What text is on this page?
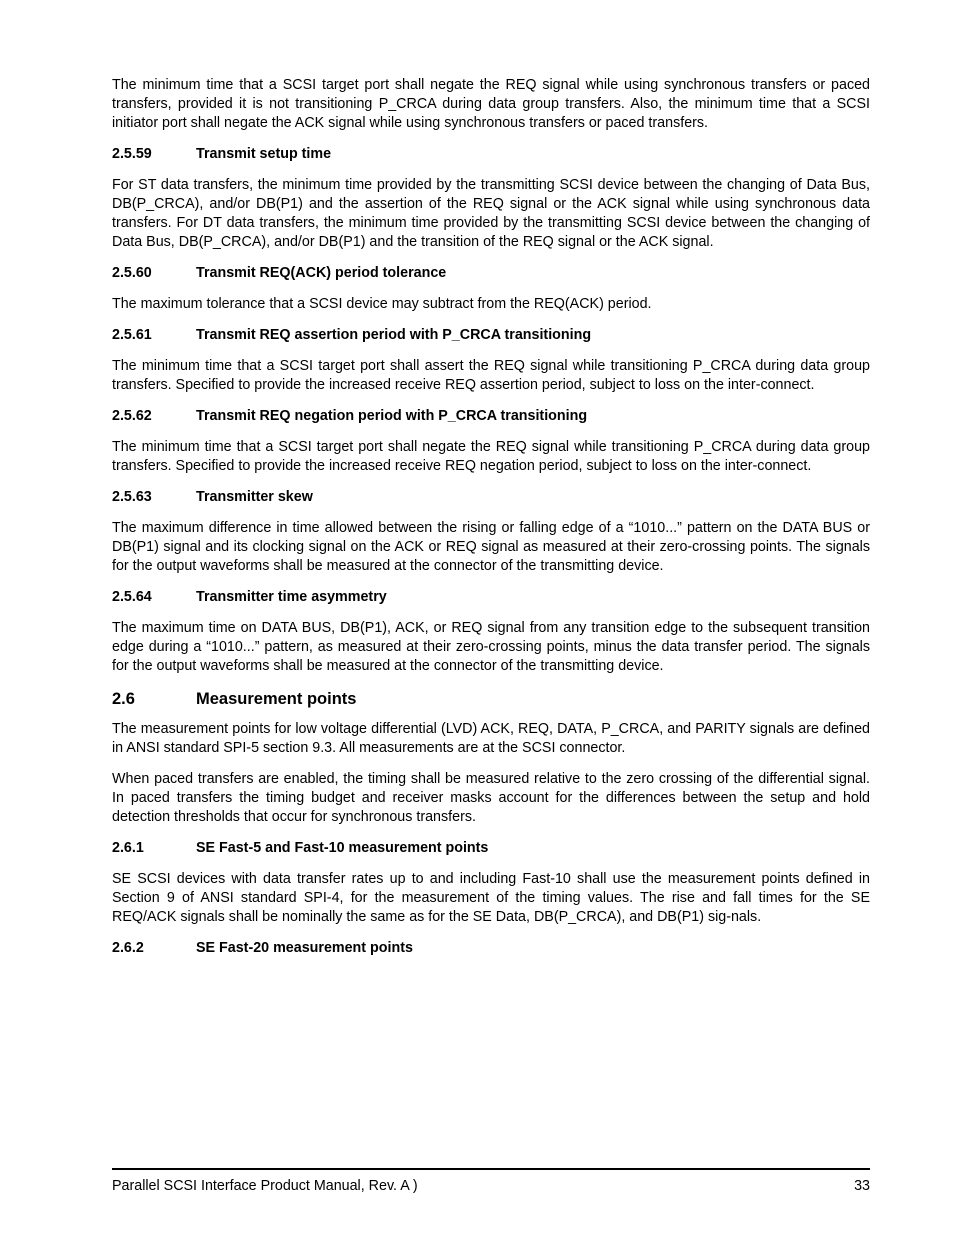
The minimum time that a SCSI target port shall negate the REQ signal while using synchronous transfers or paced transfers, provided it is not transitioning P_CRCA during data group transfers. Also, the minimum time that a SCSI initiator port shall negate the ACK signal while using synchronous transfers or paced transfers.

2.5.59	Transmit setup time

For ST data transfers, the minimum time provided by the transmitting SCSI device between the changing of Data Bus, DB(P_CRCA), and/or DB(P1) and the assertion of the REQ signal or the ACK signal while using synchronous data transfers. For DT data transfers, the minimum time provided by the transmitting SCSI device between the changing of Data Bus, DB(P_CRCA), and/or DB(P1) and the transition of the REQ signal or the ACK signal.

2.5.60	Transmit REQ(ACK) period tolerance

The maximum tolerance that a SCSI device may subtract from the REQ(ACK) period.

2.5.61	Transmit REQ assertion period with P_CRCA transitioning

The minimum time that a SCSI target port shall assert the REQ signal while transitioning P_CRCA during data group transfers. Specified to provide the increased receive REQ assertion period, subject to loss on the inter-connect.

2.5.62	Transmit REQ negation period with P_CRCA transitioning

The minimum time that a SCSI target port shall negate the REQ signal while transitioning P_CRCA during data group transfers. Specified to provide the increased receive REQ negation period, subject to loss on the inter-connect.

2.5.63	Transmitter skew

The maximum difference in time allowed between the rising or falling edge of a “1010...” pattern on the DATA BUS or DB(P1) signal and its clocking signal on the ACK or REQ signal as measured at their zero-crossing points. The signals for the output waveforms shall be measured at the connector of the transmitting device.

2.5.64	Transmitter time asymmetry

The maximum time on DATA BUS, DB(P1), ACK, or REQ signal from any transition edge to the subsequent transition edge during a “1010...” pattern, as measured at their zero-crossing points, minus the data transfer period. The signals for the output waveforms shall be measured at the connector of the transmitting device.

2.6	Measurement points

The measurement points for low voltage differential (LVD) ACK, REQ, DATA, P_CRCA, and PARITY signals are defined in ANSI standard SPI-5 section 9.3. All measurements are at the SCSI connector.

When paced transfers are enabled, the timing shall be measured relative to the zero crossing of the differential signal. In paced transfers the timing budget and receiver masks account for the differences between the setup and hold detection thresholds that occur for synchronous transfers.

2.6.1	SE Fast-5 and Fast-10 measurement points

SE SCSI devices with data transfer rates up to and including Fast-10 shall use the measurement points defined in Section 9 of ANSI standard SPI-4, for the measurement of the timing values. The rise and fall times for the SE REQ/ACK signals shall be nominally the same as for the SE Data, DB(P_CRCA), and DB(P1) sig-nals.

2.6.2	SE Fast-20 measurement points
Parallel SCSI Interface Product Manual, Rev. A )	33
